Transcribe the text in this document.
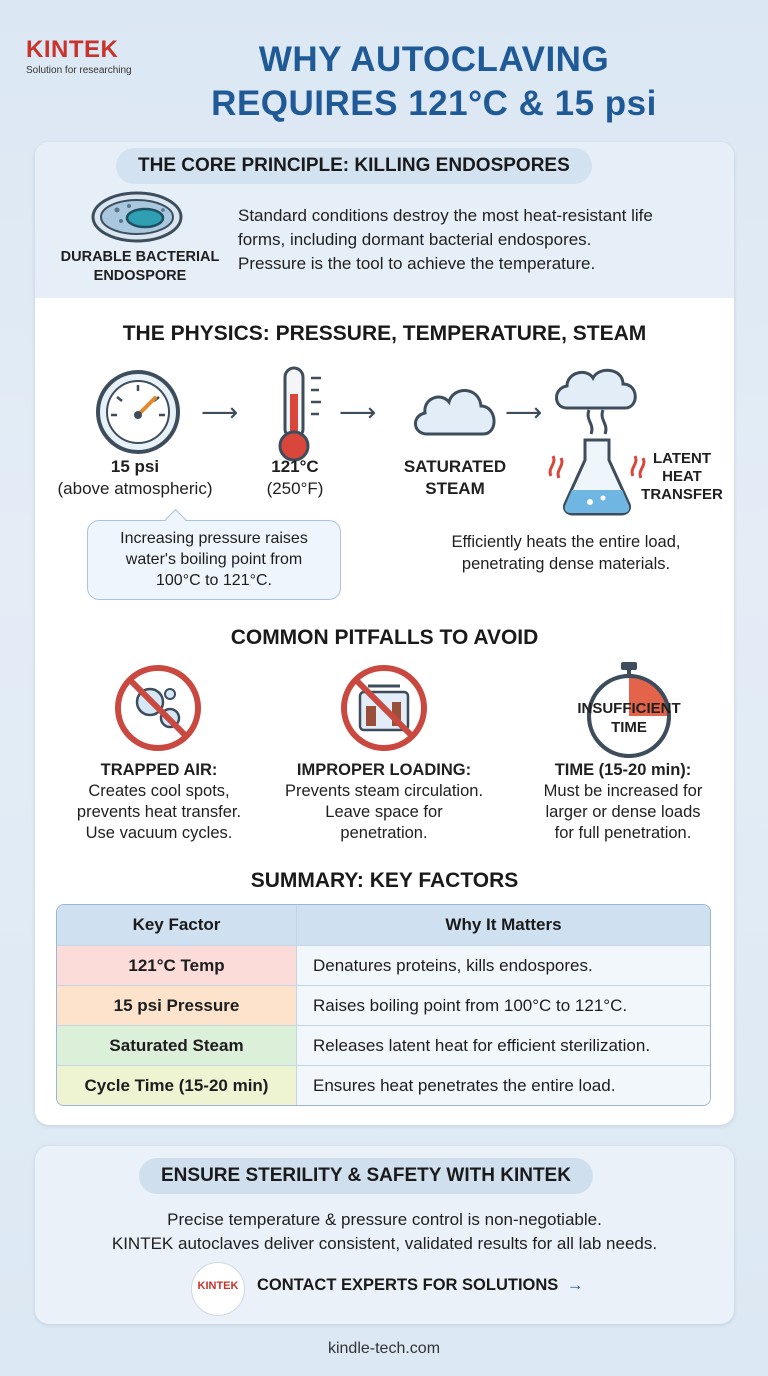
KINTEK
Solution for researching	WHY AUTOCLAVING
REQUIRES 121°C & 15 psi
THE CORE PRINCIPLE: KILLING ENDOSPORES
DURABLE BACTERIAL
ENDOSPORE
Standard conditions destroy the most heat-resistant life
forms, including dormant bacterial endospores.
Pressure is the tool to achieve the temperature.
THE PHYSICS: PRESSURE, TEMPERATURE, STEAM
⟶	⟶	⟶
15 psi
(above atmospheric)
121°C
(250°F)
SATURATED
STEAM
LATENT
HEAT
TRANSFER
Increasing pressure raises
water's boiling point from
100°C to 121°C.
Efficiently heats the entire load,
penetrating dense materials.
COMMON PITFALLS TO AVOID
INSUFFICIENT
TIME
TRAPPED AIR:
Creates cool spots,
prevents heat transfer.
Use vacuum cycles.
IMPROPER LOADING:
Prevents steam circulation.
Leave space for
penetration.
TIME (15-20 min):
Must be increased for
larger or dense loads
for full penetration.
SUMMARY: KEY FACTORS
Key Factor	Why It Matters
121°C Temp	Denatures proteins, kills endospores.
15 psi Pressure	Raises boiling point from 100°C to 121°C.
Saturated Steam	Releases latent heat for efficient sterilization.
Cycle Time (15-20 min)	Ensures heat penetrates the entire load.
ENSURE STERILITY & SAFETY WITH KINTEK
Precise temperature & pressure control is non-negotiable.
KINTEK autoclaves deliver consistent, validated results for all lab needs.
KINTEK	CONTACT EXPERTS FOR SOLUTIONS →
kindle-tech.com
